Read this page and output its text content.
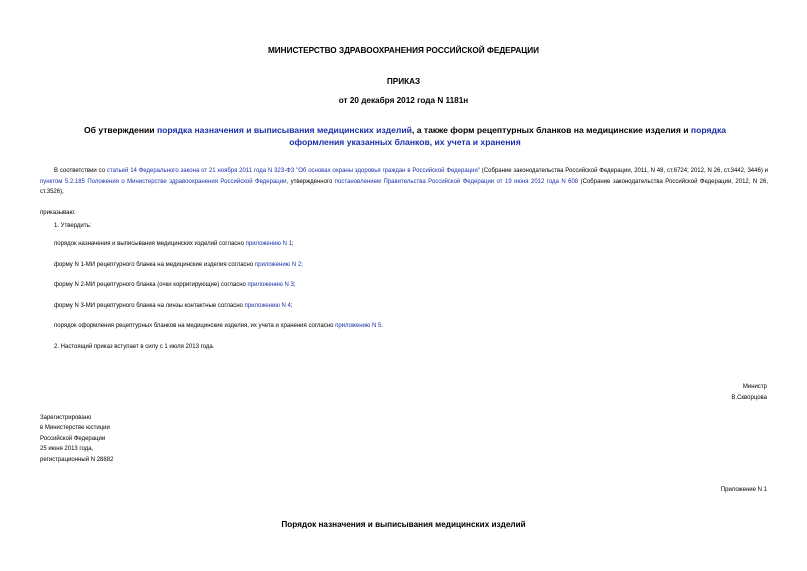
МИНИСТЕРСТВО ЗДРАВООХРАНЕНИЯ РОССИЙСКОЙ ФЕДЕРАЦИИ
ПРИКАЗ
от 20 декабря 2012 года N 1181н
Об утверждении порядка назначения и выписывания медицинских изделий, а также форм рецептурных бланков на медицинские изделия и порядка оформления указанных бланков, их учета и хранения
В соответствии со статьей 14 Федерального закона от 21 ноября 2011 года N 323-ФЗ "Об основах охраны здоровья граждан в Российской Федерации" (Собрание законодательства Российской Федерации, 2011, N 48, ст.6724; 2012, N 26, ст.3442, 3446) и пунктом 5.2.185 Положения о Министерстве здравоохранения Российской Федерации, утвержденного постановлением Правительства Российской Федерации от 19 июня 2012 года N 608 (Собрание законодательства Российской Федерации, 2012, N 26, ст.3526),
приказываю:
1. Утвердить:
порядок назначения и выписывания медицинских изделий согласно приложению N 1;
форму N 1-МИ рецептурного бланка на медицинские изделия согласно приложению N 2;
форму N 2-МИ рецептурного бланка (очки корригирующие) согласно приложению N 3;
форму N 3-МИ рецептурного бланка на линзы контактные согласно приложению N 4;
порядок оформления рецептурных бланков на медицинские изделия, их учета и хранения согласно приложению N 5.
2. Настоящий приказ вступает в силу с 1 июля 2013 года.
Министр
В.Скворцова
Зарегистрировано
в Министерстве юстиции
Российской Федерации
25 июня 2013 года,
регистрационный N 28882
Приложение N 1
Порядок назначения и выписывания медицинских изделий
